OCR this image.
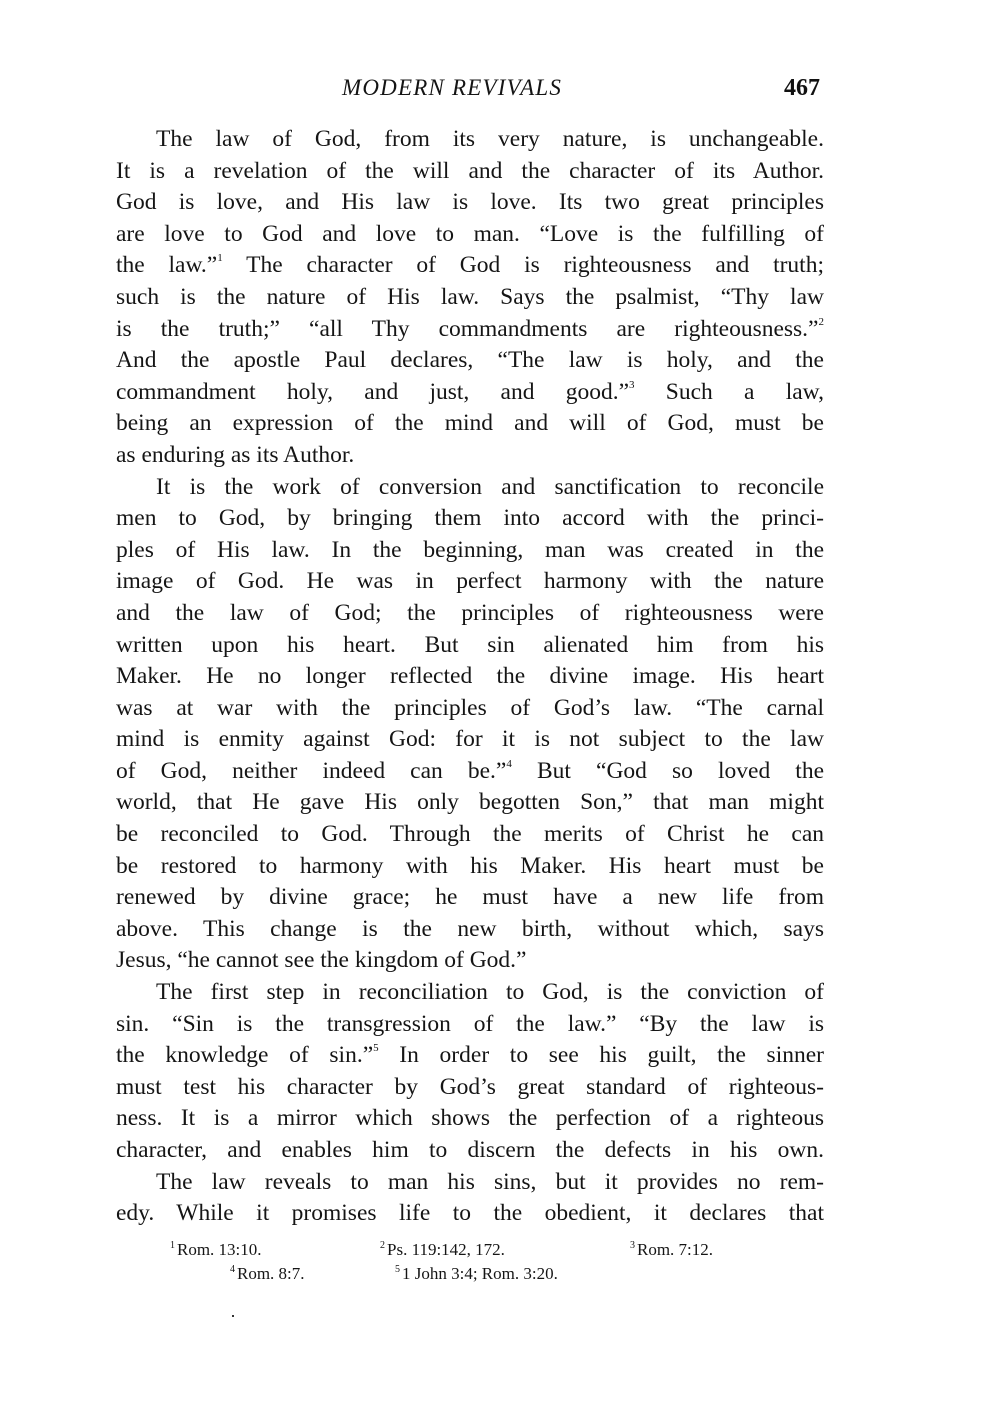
MODERN REVIVALS	467
The law of God, from its very nature, is unchangeable.
It is a revelation of the will and the character of its Author.
God is love, and His law is love. Its two great principles
are love to God and love to man. “Love is the fulfilling of
the law.”$^1$ The character of God is righteousness and truth;
such is the nature of His law. Says the psalmist, “Thy law
is the truth;” “all Thy commandments are righteousness.”$^2$
And the apostle Paul declares, “The law is holy, and the
commandment holy, and just, and good.”$^3$ Such a law,
being an expression of the mind and will of God, must be
as enduring as its Author.
It is the work of conversion and sanctification to reconcile
men to God, by bringing them into accord with the princi-
ples of His law. In the beginning, man was created in the
image of God. He was in perfect harmony with the nature
and the law of God; the principles of righteousness were
written upon his heart. But sin alienated him from his
Maker. He no longer reflected the divine image. His heart
was at war with the principles of God’s law. “The carnal
mind is enmity against God: for it is not subject to the law
of God, neither indeed can be.”$^4$ But “God so loved the
world, that He gave His only begotten Son,” that man might
be reconciled to God. Through the merits of Christ he can
be restored to harmony with his Maker. His heart must be
renewed by divine grace; he must have a new life from
above. This change is the new birth, without which, says
Jesus, “he cannot see the kingdom of God.”
The first step in reconciliation to God, is the conviction of
sin. “Sin is the transgression of the law.” “By the law is
the knowledge of sin.”$^5$ In order to see his guilt, the sinner
must test his character by God’s great standard of righteous-
ness. It is a mirror which shows the perfection of a righteous
character, and enables him to discern the defects in his own.
The law reveals to man his sins, but it provides no rem-
edy. While it promises life to the obedient, it declares that
$^1$ Rom. 13:10.	$^2$ Ps. 119:142, 172.	$^3$ Rom. 7:12.
$^4$ Rom. 8:7.	$^5$ 1 John 3:4; Rom. 3:20.
